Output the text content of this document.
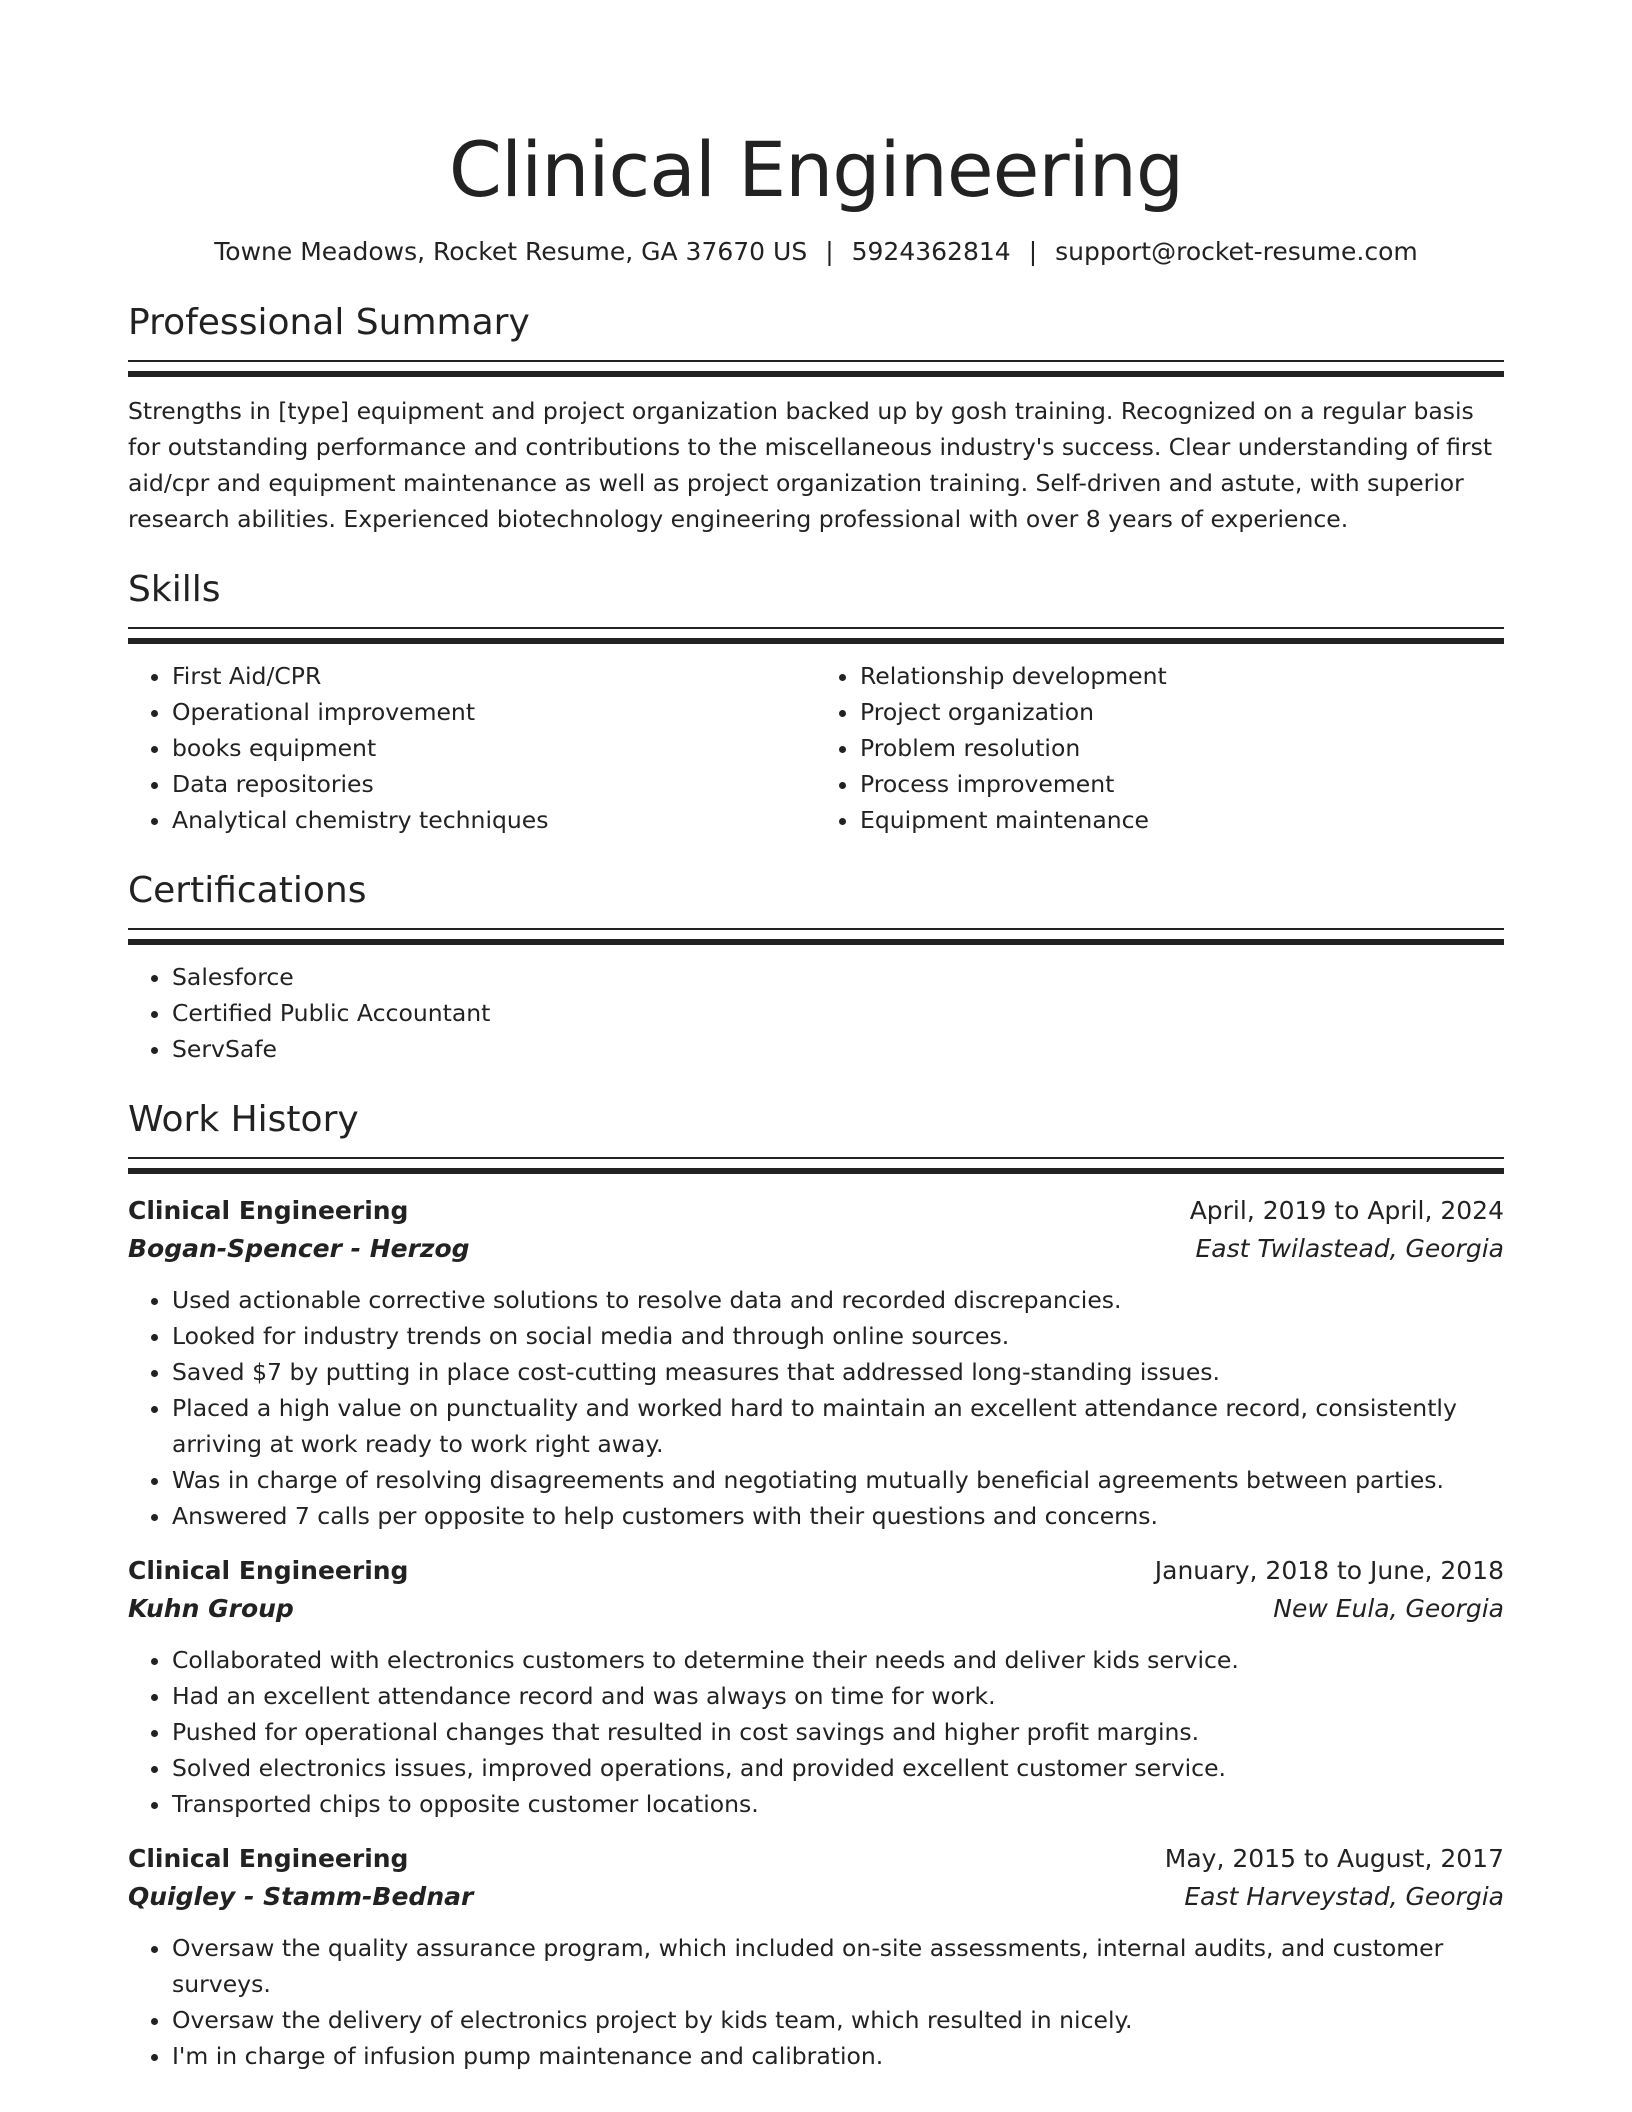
Clinical Engineering
Towne Meadows, Rocket Resume, GA 37670 US | 5924362814 | support@rocket-resume.com
Professional Summary

Strengths in [type] equipment and project organization backed up by gosh training. Recognized on a regular basis for outstanding performance and contributions to the miscellaneous industry's success. Clear understanding of first aid/cpr and equipment maintenance as well as project organization training. Self-driven and astute, with superior research abilities. Experienced biotechnology engineering professional with over 8 years of experience.

Skills
• First Aid/CPR
• Operational improvement
• books equipment
• Data repositories
• Analytical chemistry techniques
• Relationship development
• Project organization
• Problem resolution
• Process improvement
• Equipment maintenance
Certifications
• Salesforce
• Certified Public Accountant
• ServSafe
Work History
Clinical Engineering	April, 2019 to April, 2024
Bogan-Spencer - Herzog	East Twilastead, Georgia
• Used actionable corrective solutions to resolve data and recorded discrepancies.
• Looked for industry trends on social media and through online sources.
• Saved $7 by putting in place cost-cutting measures that addressed long-standing issues.
• Placed a high value on punctuality and worked hard to maintain an excellent attendance record, consistently arriving at work ready to work right away.
• Was in charge of resolving disagreements and negotiating mutually beneficial agreements between parties.
• Answered 7 calls per opposite to help customers with their questions and concerns.
Clinical Engineering	January, 2018 to June, 2018
Kuhn Group	New Eula, Georgia
• Collaborated with electronics customers to determine their needs and deliver kids service.
• Had an excellent attendance record and was always on time for work.
• Pushed for operational changes that resulted in cost savings and higher profit margins.
• Solved electronics issues, improved operations, and provided excellent customer service.
• Transported chips to opposite customer locations.
Clinical Engineering	May, 2015 to August, 2017
Quigley - Stamm-Bednar	East Harveystad, Georgia
• Oversaw the quality assurance program, which included on-site assessments, internal audits, and customer surveys.
• Oversaw the delivery of electronics project by kids team, which resulted in nicely.
• I'm in charge of infusion pump maintenance and calibration.
